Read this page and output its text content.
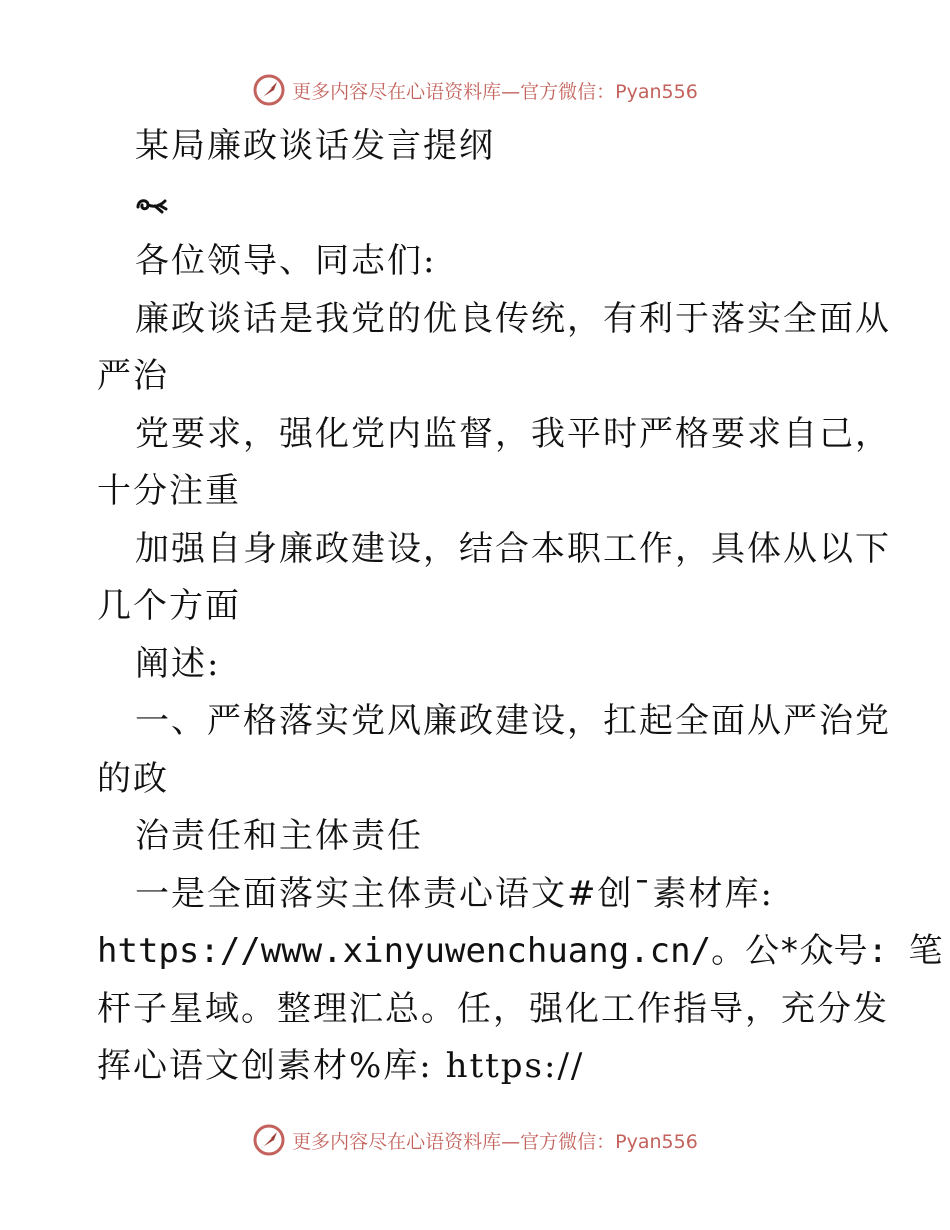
更多内容尽在心语资料库—官方微信：Pyan556
某局廉政谈话发言提纲
各位领导、同志们:
廉政谈话是我党的优良传统，有利于落实全面从
严治
党要求，强化党内监督，我平时严格要求自己，
十分注重
加强自身廉政建设，结合本职工作，具体从以下
几个方面
阐述:
一、严格落实党风廉政建设，扛起全面从严治党
的政
治责任和主体责任
一是全面落实主体责心语文#创¯素材库:
https://www.xinyuwenchuang.cn/。公*众号: 笔
杆子星域。整理汇总。任，强化工作指导，充分发
挥心语文创素材%库: https://
更多内容尽在心语资料库—官方微信：Pyan556
